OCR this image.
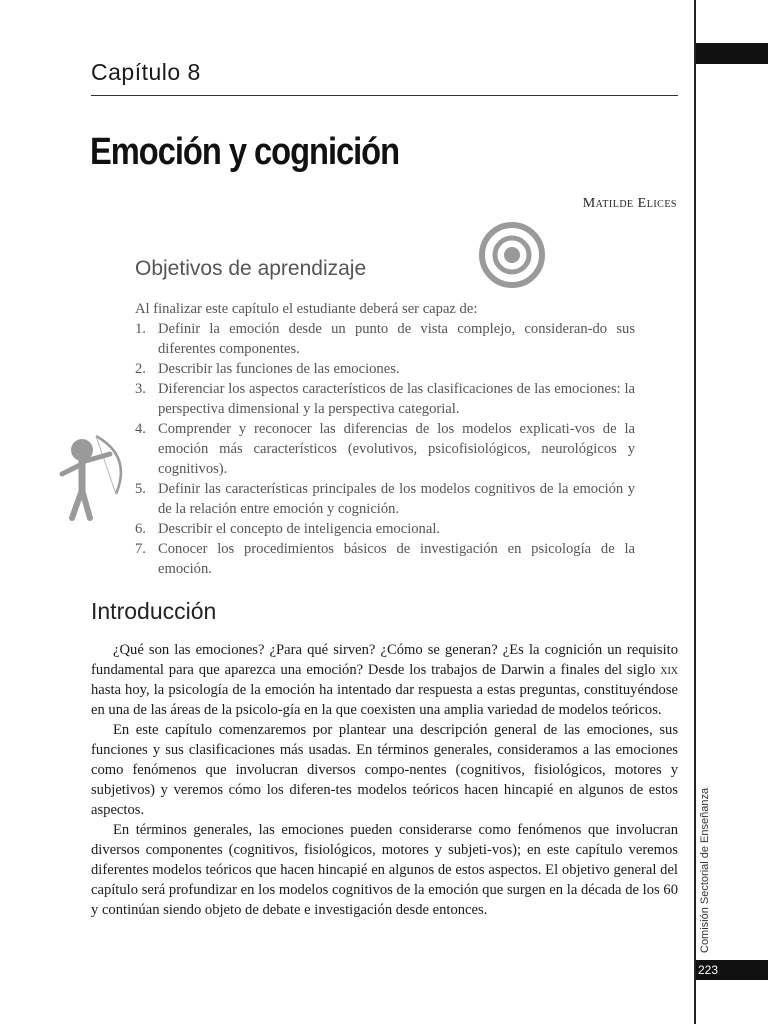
223
Comisión Sectorial de Enseñanza
Capítulo 8
Emoción y cognición
Matilde Elices
Objetivos de aprendizaje
Al finalizar este capítulo el estudiante deberá ser capaz de:
1. Definir la emoción desde un punto de vista complejo, consideran-do sus diferentes componentes.
2. Describir las funciones de las emociones.
3. Diferenciar los aspectos característicos de las clasificaciones de las emociones: la perspectiva dimensional y la perspectiva categorial.
4. Comprender y reconocer las diferencias de los modelos explicati-vos de la emoción más característicos (evolutivos, psicofisiológicos, neurológicos y cognitivos).
5. Definir las características principales de los modelos cognitivos de la emoción y de la relación entre emoción y cognición.
6. Describir el concepto de inteligencia emocional.
7. Conocer los procedimientos básicos de investigación en psicología de la emoción.
Introducción

¿Qué son las emociones? ¿Para qué sirven? ¿Cómo se generan? ¿Es la cognición un requisito fundamental para que aparezca una emoción? Desde los trabajos de Darwin a finales del siglo xix hasta hoy, la psicología de la emoción ha intentado dar respuesta a estas preguntas, constituyéndose en una de las áreas de la psicolo-gía en la que coexisten una amplia variedad de modelos teóricos.

En este capítulo comenzaremos por plantear una descripción general de las emociones, sus funciones y sus clasificaciones más usadas. En términos generales, consideramos a las emociones como fenómenos que involucran diversos compo-nentes (cognitivos, fisiológicos, motores y subjetivos) y veremos cómo los diferen-tes modelos teóricos hacen hincapié en algunos de estos aspectos.

En términos generales, las emociones pueden considerarse como fenómenos que involucran diversos componentes (cognitivos, fisiológicos, motores y subjeti-vos); en este capítulo veremos diferentes modelos teóricos que hacen hincapié en algunos de estos aspectos. El objetivo general del capítulo será profundizar en los modelos cognitivos de la emoción que surgen en la década de los 60 y continúan siendo objeto de debate e investigación desde entonces.
